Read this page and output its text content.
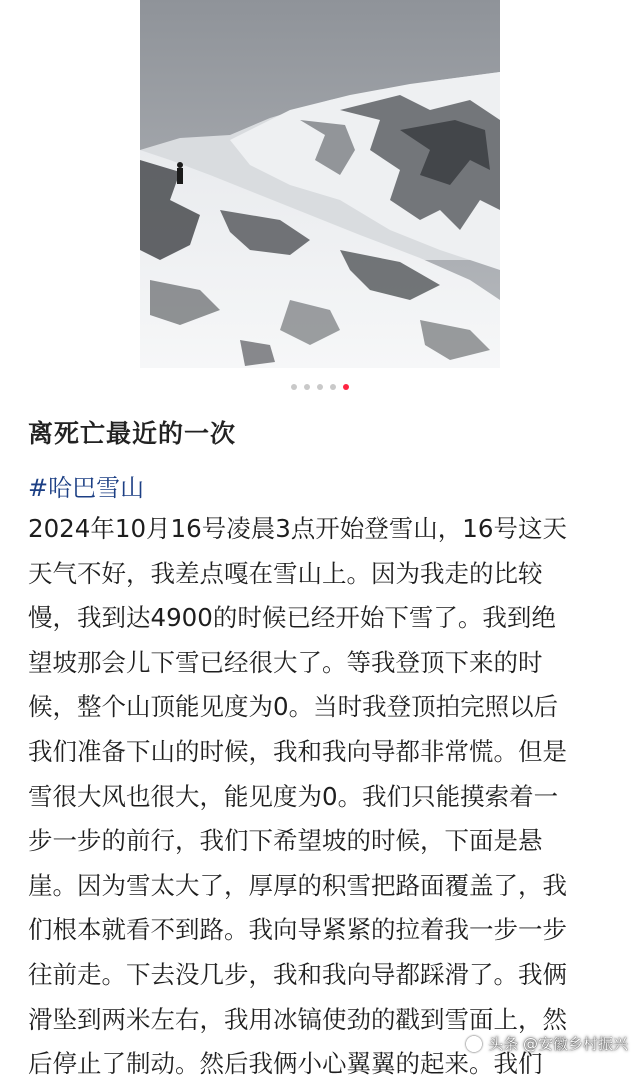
离死亡最近的一次
#哈巴雪山
2024年10月16号凌晨3点开始登雪山，16号这天
天气不好，我差点嘎在雪山上。因为我走的比较
慢，我到达4900的时候已经开始下雪了。我到绝
望坡那会儿下雪已经很大了。等我登顶下来的时
候，整个山顶能见度为0。当时我登顶拍完照以后
我们准备下山的时候，我和我向导都非常慌。但是
雪很大风也很大，能见度为0。我们只能摸索着一
步一步的前行，我们下希望坡的时候，下面是悬
崖。因为雪太大了，厚厚的积雪把路面覆盖了，我
们根本就看不到路。我向导紧紧的拉着我一步一步
往前走。下去没几步，我和我向导都踩滑了。我俩
滑坠到两米左右，我用冰镐使劲的戳到雪面上，然
后停止了制动。然后我俩小心翼翼的起来。我们
头条 @安徽乡村振兴
